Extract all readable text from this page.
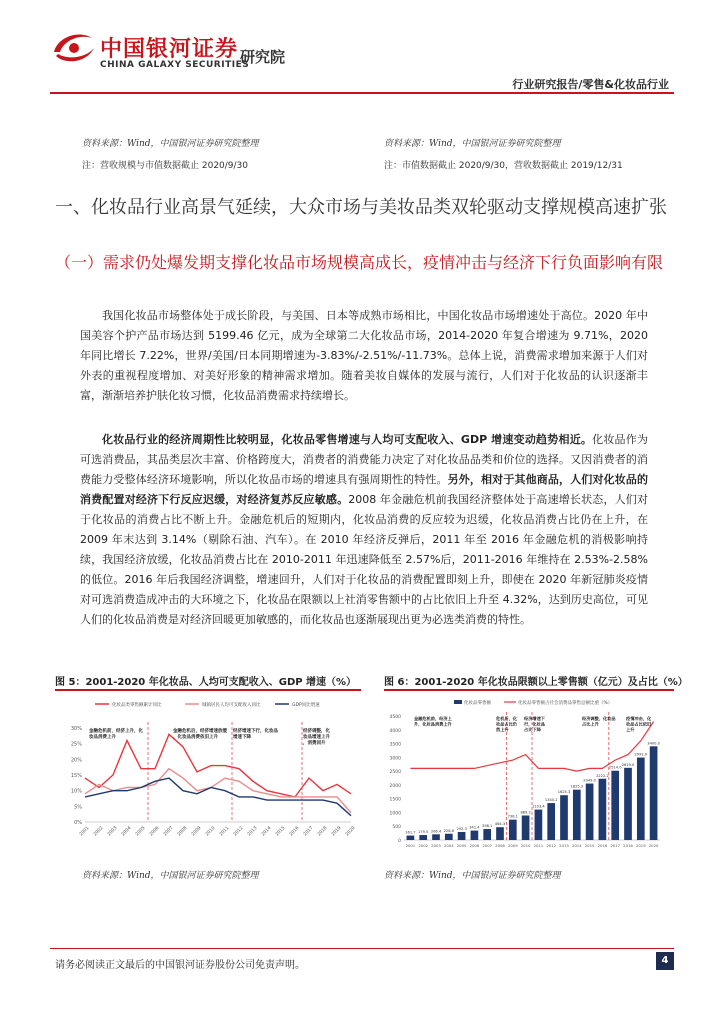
中国银河证券
CHINA GALAXY SECURITIES
研究院
行业研究报告/零售&化妆品行业
资料来源：Wind，中国银河证券研究院整理
注：营收规模与市值数据截止 2020/9/30
资料来源：Wind，中国银河证券研究院整理
注：市值数据截止 2020/9/30，营收数据截止 2019/12/31
一、化妆品行业高景气延续，大众市场与美妆品类双轮驱动支撑规模高速扩张
（一）需求仍处爆发期支撑化妆品市场规模高成长，疫情冲击与经济下行负面影响有限
我国化妆品市场整体处于成长阶段，与美国、日本等成熟市场相比，中国化妆品市场增速处于高位。2020 年中国美容个护产品市场达到 5199.46 亿元，成为全球第二大化妆品市场，2014-2020 年复合增速为 9.71%，2020 年同比增长 7.22%，世界/美国/日本同期增速为-3.83%/-2.51%/-11.73%。总体上说，消费需求增加来源于人们对外表的重视程度增加、对美好形象的精神需求增加。随着美妆自媒体的发展与流行，人们对于化妆品的认识逐渐丰富，渐渐培养护肤化妆习惯，化妆品消费需求持续增长。
化妆品行业的经济周期性比较明显，化妆品零售增速与人均可支配收入、GDP 增速变动趋势相近。化妆品作为可选消费品，其品类层次丰富、价格跨度大，消费者的消费能力决定了对化妆品品类和价位的选择。又因消费者的消费能力受整体经济环境影响，所以化妆品市场的增速具有强周期性的特性。另外，相对于其他商品，人们对化妆品的消费配置对经济下行反应迟缓，对经济复苏反应敏感。2008 年金融危机前我国经济整体处于高速增长状态，人们对于化妆品的消费占比不断上升。金融危机后的短期内，化妆品消费的反应较为迟缓，化妆品消费占比仍在上升，在 2009 年末达到 3.14%（剔除石油、汽车）。在 2010 年经济反弹后，2011 年至 2016 年金融危机的消极影响持续，我国经济放缓，化妆品消费占比在 2010-2011 年迅速降低至 2.57%后，2011-2016 年维持在 2.53%-2.58%的低位。2016 年后我国经济调整，增速回升，人们对于化妆品的消费配置即刻上升，即使在 2020 年新冠肺炎疫情对可选消费造成冲击的大环境之下，化妆品在限额以上社消零售额中的占比依旧上升至 4.32%，达到历史高位，可见人们的化妆品消费是对经济回暖更加敏感的，而化妆品也逐渐展现出更为必选类消费的特性。
图 5：2001-2020 年化妆品、人均可支配收入、GDP 增速（%）	图 6：2001-2020 年化妆品限额以上零售额（亿元）及占比（%）
化妆品类零售额累计同比	城镇居民人均可支配收入同比	GDP同比增速
0%
5%
10%
15%
20%
25%
30%
2001 2002 2003 2004 2005 2006 2007 2008 2009 2010 2011 2012 2013 2014 2015 2016 2017 2018 2019 2020
金融危机前，经济上升，化妆品消费上升
金融危机后，经济增速放缓，化妆品消费依旧上升
经济增速下行，化妆品增速下降
经济调整，化妆品增速上升，消费回升
化妆品零售额	化妆品零售额占社会消费品零售总额比重（%）
0
500
1000
1500
2000
2500
3000
3500
4000
4500
161.7 179.5 206.4 226.8 292.3 341.4 398.1 464.3
738.1
889.2
1103.4
1340.2
1625.3
1825.3
2049.0
2222.2
2514.0
2619.0
2992.0
3400.0
2001 2002 2003 2004 2005 2006 2007 2008 2009 2010 2011 2012 2013 2014 2015 2016 2017 2018 2019 2020
金融危机前，经济上升，化妆品消费上升
危机后，化妆品占比仍然上升
经济增速下行，化妆品占比下降
经济调整，化妆品占比上升
疫情冲击，化妆品占比依旧上升
资料来源：Wind，中国银河证券研究院整理	资料来源：Wind，中国银河证券研究院整理
请务必阅读正文最后的中国银河证券股份公司免责声明。	4
